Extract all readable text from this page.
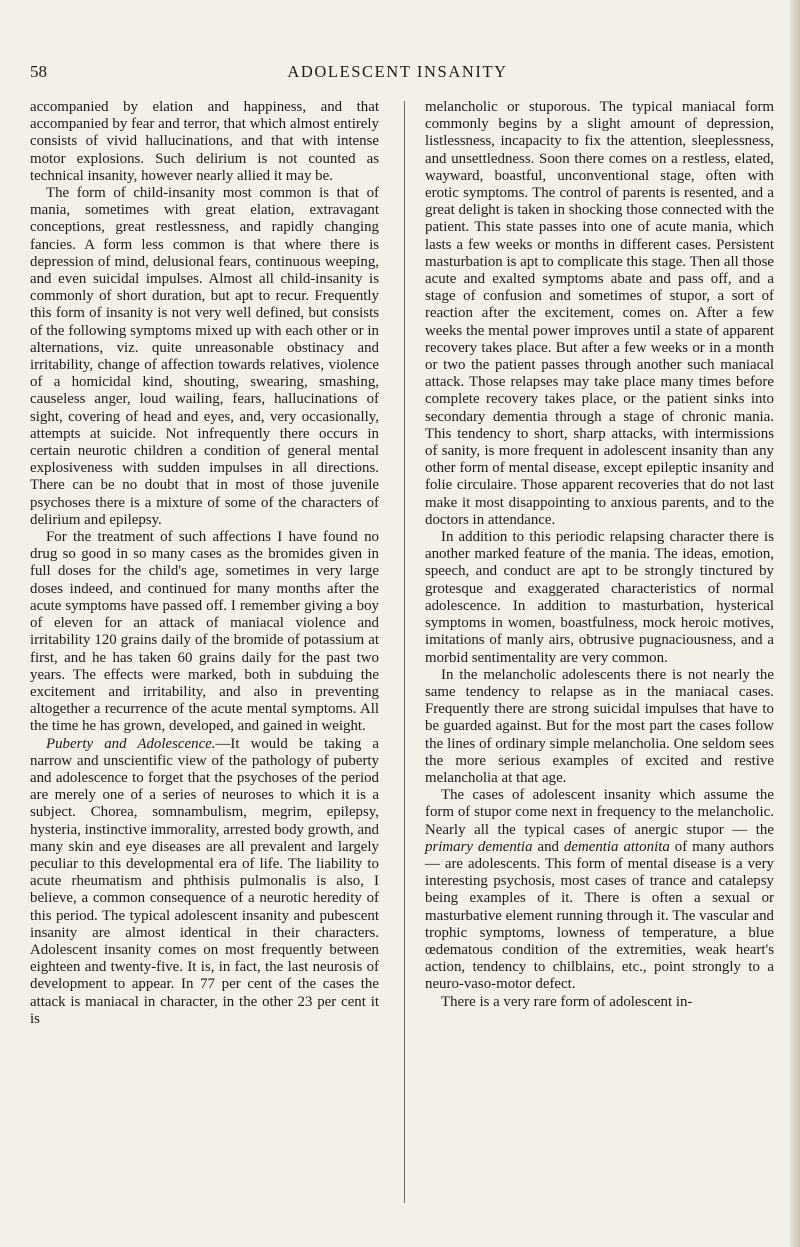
58	ADOLESCENT INSANITY

accompanied by elation and happiness, and that accompanied by fear and terror, that which almost entirely consists of vivid hallucinations, and that with intense motor explosions. Such delirium is not counted as technical insanity, however nearly allied it may be.

The form of child-insanity most common is that of mania, sometimes with great elation, extravagant conceptions, great restlessness, and rapidly changing fancies. A form less common is that where there is depression of mind, delusional fears, continuous weeping, and even suicidal impulses. Almost all child-insanity is commonly of short duration, but apt to recur. Frequently this form of insanity is not very well defined, but consists of the following symptoms mixed up with each other or in alternations, viz. quite unreasonable obstinacy and irritability, change of affection towards relatives, violence of a homicidal kind, shouting, swearing, smashing, causeless anger, loud wailing, fears, hallucinations of sight, covering of head and eyes, and, very occasionally, attempts at suicide. Not infrequently there occurs in certain neurotic children a condition of general mental explosiveness with sudden impulses in all directions. There can be no doubt that in most of those juvenile psychoses there is a mixture of some of the characters of delirium and epilepsy.

For the treatment of such affections I have found no drug so good in so many cases as the bromides given in full doses for the child's age, sometimes in very large doses indeed, and continued for many months after the acute symptoms have passed off. I remember giving a boy of eleven for an attack of maniacal violence and irritability 120 grains daily of the bromide of potassium at first, and he has taken 60 grains daily for the past two years. The effects were marked, both in subduing the excitement and irritability, and also in preventing altogether a recurrence of the acute mental symptoms. All the time he has grown, developed, and gained in weight.

Puberty and Adolescence.—It would be taking a narrow and unscientific view of the pathology of puberty and adolescence to forget that the psychoses of the period are merely one of a series of neuroses to which it is a subject. Chorea, somnambulism, megrim, epilepsy, hysteria, instinctive immorality, arrested body growth, and many skin and eye diseases are all prevalent and largely peculiar to this developmental era of life. The liability to acute rheumatism and phthisis pulmonalis is also, I believe, a common consequence of a neurotic heredity of this period. The typical adolescent insanity and pubescent insanity are almost identical in their characters. Adolescent insanity comes on most frequently between eighteen and twenty-five. It is, in fact, the last neurosis of development to appear. In 77 per cent of the cases the attack is maniacal in character, in the other 23 per cent it is

melancholic or stuporous. The typical maniacal form commonly begins by a slight amount of depression, listlessness, incapacity to fix the attention, sleeplessness, and unsettledness. Soon there comes on a restless, elated, wayward, boastful, unconventional stage, often with erotic symptoms. The control of parents is resented, and a great delight is taken in shocking those connected with the patient. This state passes into one of acute mania, which lasts a few weeks or months in different cases. Persistent masturbation is apt to complicate this stage. Then all those acute and exalted symptoms abate and pass off, and a stage of confusion and sometimes of stupor, a sort of reaction after the excitement, comes on. After a few weeks the mental power improves until a state of apparent recovery takes place. But after a few weeks or in a month or two the patient passes through another such maniacal attack. Those relapses may take place many times before complete recovery takes place, or the patient sinks into secondary dementia through a stage of chronic mania. This tendency to short, sharp attacks, with intermissions of sanity, is more frequent in adolescent insanity than any other form of mental disease, except epileptic insanity and folie circulaire. Those apparent recoveries that do not last make it most disappointing to anxious parents, and to the doctors in attendance.

In addition to this periodic relapsing character there is another marked feature of the mania. The ideas, emotion, speech, and conduct are apt to be strongly tinctured by grotesque and exaggerated characteristics of normal adolescence. In addition to masturbation, hysterical symptoms in women, boastfulness, mock heroic motives, imitations of manly airs, obtrusive pugnaciousness, and a morbid sentimentality are very common.

In the melancholic adolescents there is not nearly the same tendency to relapse as in the maniacal cases. Frequently there are strong suicidal impulses that have to be guarded against. But for the most part the cases follow the lines of ordinary simple melancholia. One seldom sees the more serious examples of excited and restive melancholia at that age.

The cases of adolescent insanity which assume the form of stupor come next in frequency to the melancholic. Nearly all the typical cases of anergic stupor — the primary dementia and dementia attonita of many authors — are adolescents. This form of mental disease is a very interesting psychosis, most cases of trance and catalepsy being examples of it. There is often a sexual or masturbative element running through it. The vascular and trophic symptoms, lowness of temperature, a blue œdematous condition of the extremities, weak heart's action, tendency to chilblains, etc., point strongly to a neuro-vaso-motor defect.

There is a very rare form of adolescent in-
